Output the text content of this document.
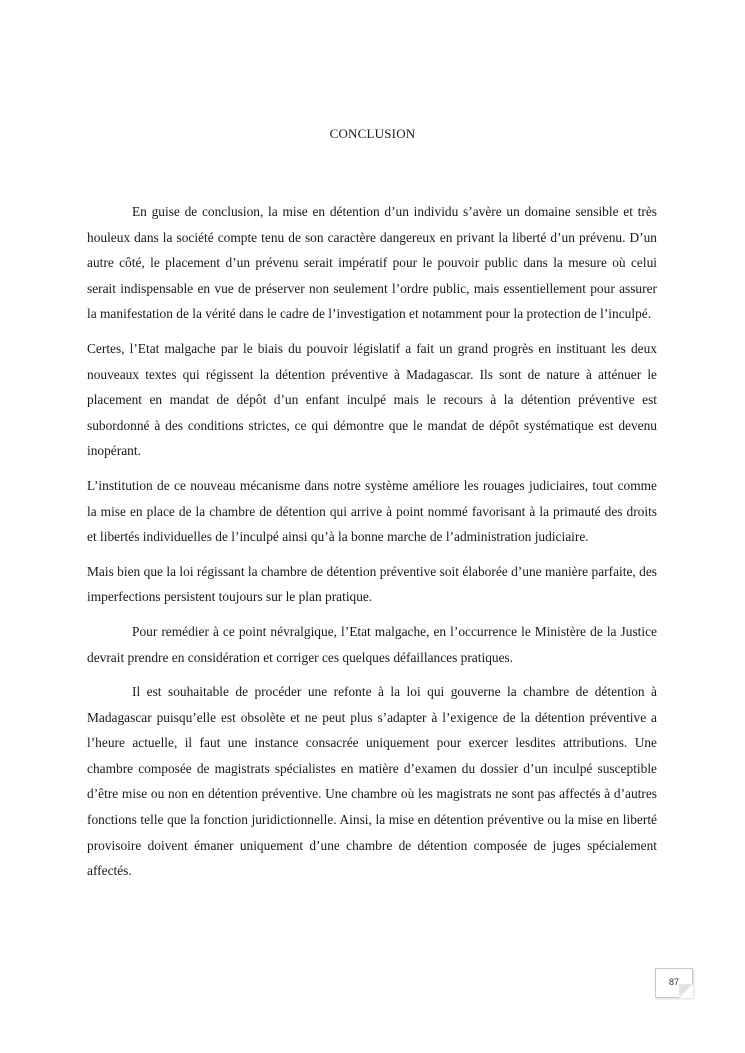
CONCLUSION

En guise de conclusion, la mise en détention d’un individu s’avère un domaine sensible et très houleux dans la société compte tenu de son caractère dangereux en privant la liberté d’un prévenu. D’un autre côté, le placement d’un prévenu serait impératif pour le pouvoir public dans la mesure où celui serait indispensable en vue de préserver non seulement l’ordre public, mais essentiellement pour assurer la manifestation de la vérité dans le cadre de l’investigation et notamment pour la protection de l’inculpé.

Certes, l’Etat malgache par le biais du pouvoir législatif a fait un grand progrès en instituant les deux nouveaux textes qui régissent la détention préventive à Madagascar. Ils sont de nature à atténuer le placement en mandat de dépôt d’un enfant inculpé mais le recours à la détention préventive est subordonné à des conditions strictes, ce qui démontre que le mandat de dépôt systématique est devenu inopérant.

L’institution de ce nouveau mécanisme dans notre système améliore les rouages judiciaires, tout comme la mise en place de la chambre de détention qui arrive à point nommé favorisant à la primauté des droits et libertés individuelles de l’inculpé ainsi qu’à la bonne marche de l’administration judiciaire.

Mais bien que la loi régissant la chambre de détention préventive soit élaborée d’une manière parfaite, des imperfections persistent toujours sur le plan pratique.

Pour remédier à ce point névralgique, l’Etat malgache, en l’occurrence le Ministère de la Justice devrait prendre en considération et corriger ces quelques défaillances pratiques.

Il est souhaitable de procéder une refonte à la loi qui gouverne la chambre de détention à Madagascar puisqu’elle est obsolète et ne peut plus s’adapter à l’exigence de la détention préventive a l’heure actuelle, il faut une instance consacrée uniquement pour exercer lesdites attributions. Une chambre composée de magistrats spécialistes en matière d’examen du dossier d’un inculpé susceptible d’être mise ou non en détention préventive. Une chambre où les magistrats ne sont pas affectés à d’autres fonctions telle que la fonction juridictionnelle. Ainsi, la mise en détention préventive ou la mise en liberté provisoire doivent émaner uniquement d’une chambre de détention composée de juges spécialement affectés.

87
